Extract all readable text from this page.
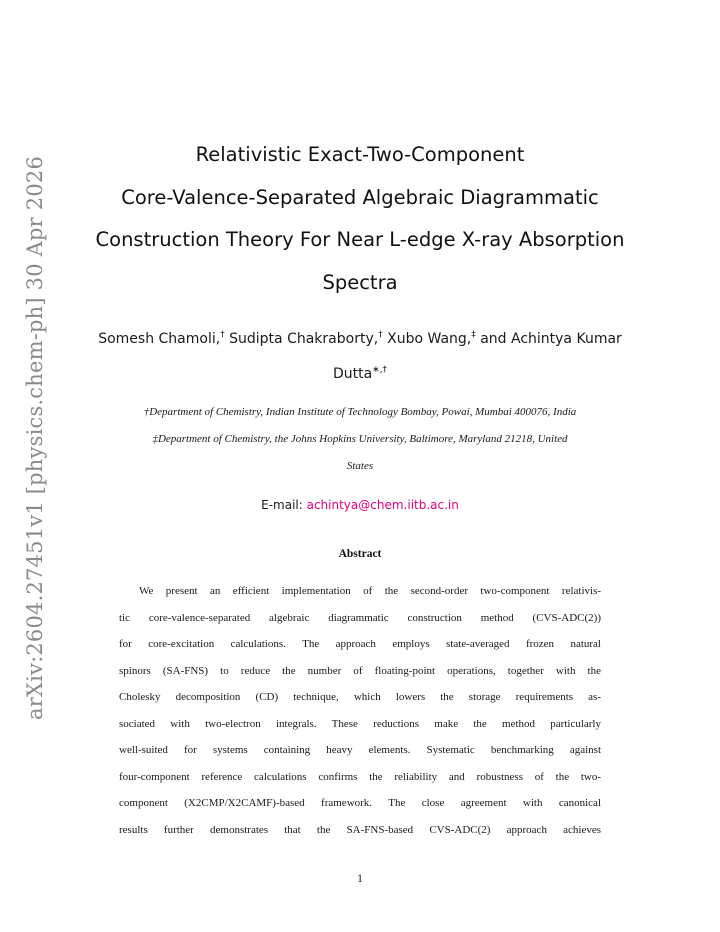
arXiv:2604.27451v1 [physics.chem-ph] 30 Apr 2026
Relativistic Exact-Two-Component
Core-Valence-Separated Algebraic Diagrammatic
Construction Theory For Near L-edge X-ray Absorption
Spectra
Somesh Chamoli,† Sudipta Chakraborty,† Xubo Wang,‡ and Achintya Kumar
Dutta∗,†
†Department of Chemistry, Indian Institute of Technology Bombay, Powai, Mumbai 400076, India
‡Department of Chemistry, the Johns Hopkins University, Baltimore, Maryland 21218, United
States
E-mail: achintya@chem.iitb.ac.in
Abstract
We present an efficient implementation of the second-order two-component relativis-
tic core-valence-separated algebraic diagrammatic construction method (CVS-ADC(2))
for core-excitation calculations. The approach employs state-averaged frozen natural
spinors (SA-FNS) to reduce the number of floating-point operations, together with the
Cholesky decomposition (CD) technique, which lowers the storage requirements as-
sociated with two-electron integrals. These reductions make the method particularly
well-suited for systems containing heavy elements. Systematic benchmarking against
four-component reference calculations confirms the reliability and robustness of the two-
component (X2CMP/X2CAMF)-based framework. The close agreement with canonical
results further demonstrates that the SA-FNS-based CVS-ADC(2) approach achieves
1
